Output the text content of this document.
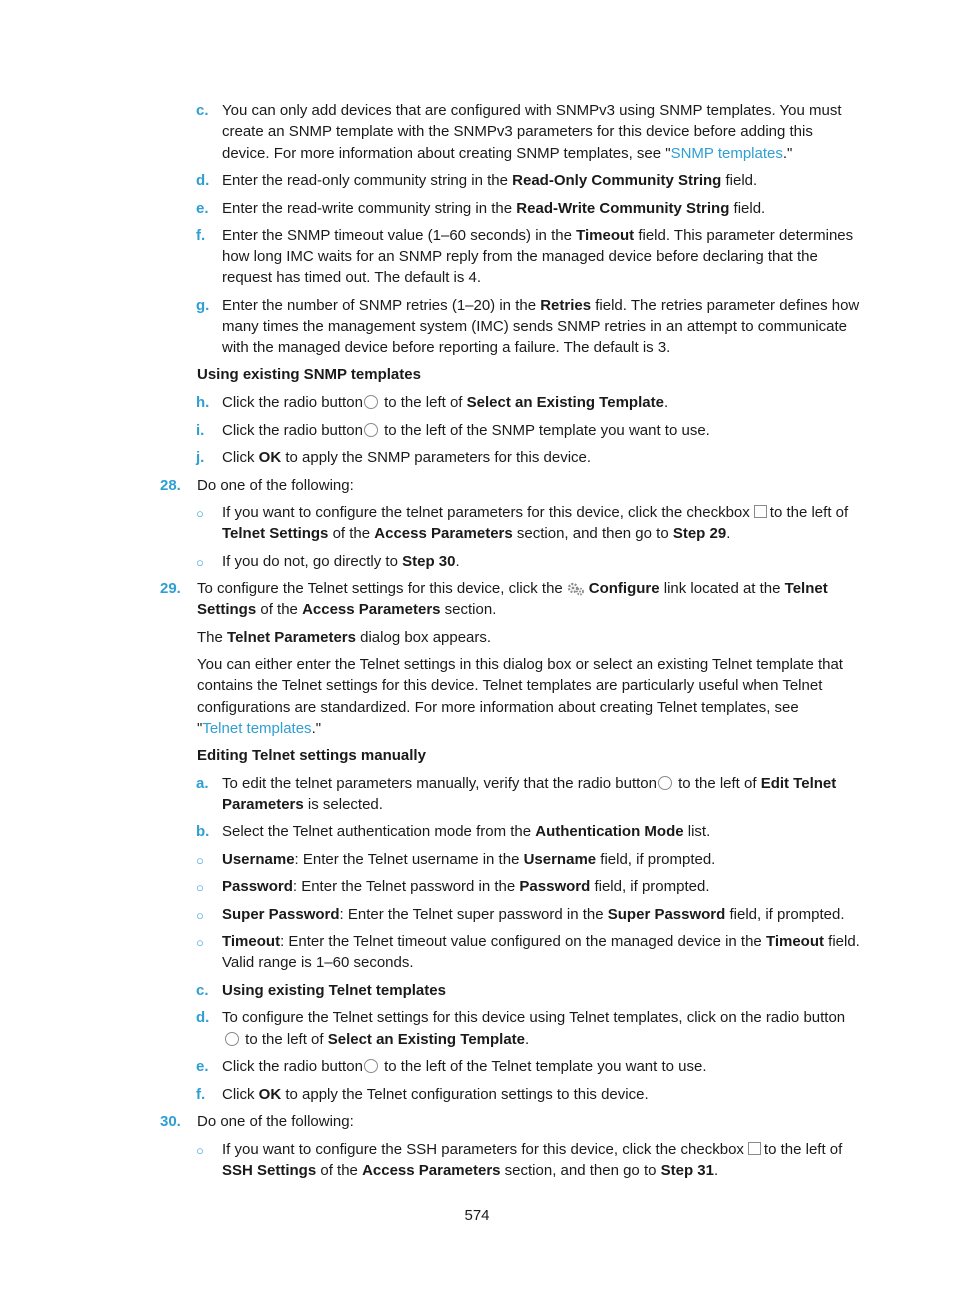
c. You can only add devices that are configured with SNMPv3 using SNMP templates. You must
create an SNMP template with the SNMPv3 parameters for this device before adding this
device. For more information about creating SNMP templates, see "SNMP templates."
d. Enter the read-only community string in the Read-Only Community String field.
e. Enter the read-write community string in the Read-Write Community String field.
f. Enter the SNMP timeout value (1–60 seconds) in the Timeout field. This parameter determines
how long IMC waits for an SNMP reply from the managed device before declaring that the
request has timed out. The default is 4.
g. Enter the number of SNMP retries (1–20) in the Retries field. The retries parameter defines how
many times the management system (IMC) sends SNMP retries in an attempt to communicate
with the managed device before reporting a failure. The default is 3.
Using existing SNMP templates
h. Click the radio button to the left of Select an Existing Template.
i. Click the radio button to the left of the SNMP template you want to use.
j. Click OK to apply the SNMP parameters for this device.
28. Do one of the following:
○ If you want to configure the telnet parameters for this device, click the checkbox to the left of
Telnet Settings of the Access Parameters section, and then go to Step 29.
○ If you do not, go directly to Step 30.
29. To configure the Telnet settings for this device, click the Configure link located at the Telnet
Settings of the Access Parameters section.
The Telnet Parameters dialog box appears.
You can either enter the Telnet settings in this dialog box or select an existing Telnet template that
contains the Telnet settings for this device. Telnet templates are particularly useful when Telnet
configurations are standardized. For more information about creating Telnet templates, see
"Telnet templates."
Editing Telnet settings manually
a. To edit the telnet parameters manually, verify that the radio button to the left of Edit Telnet
Parameters is selected.
b. Select the Telnet authentication mode from the Authentication Mode list.
○ Username: Enter the Telnet username in the Username field, if prompted.
○ Password: Enter the Telnet password in the Password field, if prompted.
○ Super Password: Enter the Telnet super password in the Super Password field, if prompted.
○ Timeout: Enter the Telnet timeout value configured on the managed device in the Timeout field.
Valid range is 1–60 seconds.
c. Using existing Telnet templates
d. To configure the Telnet settings for this device using Telnet templates, click on the radio button
to the left of Select an Existing Template.
e. Click the radio button to the left of the Telnet template you want to use.
f. Click OK to apply the Telnet configuration settings to this device.
30. Do one of the following:
○ If you want to configure the SSH parameters for this device, click the checkbox to the left of
SSH Settings of the Access Parameters section, and then go to Step 31.
574
